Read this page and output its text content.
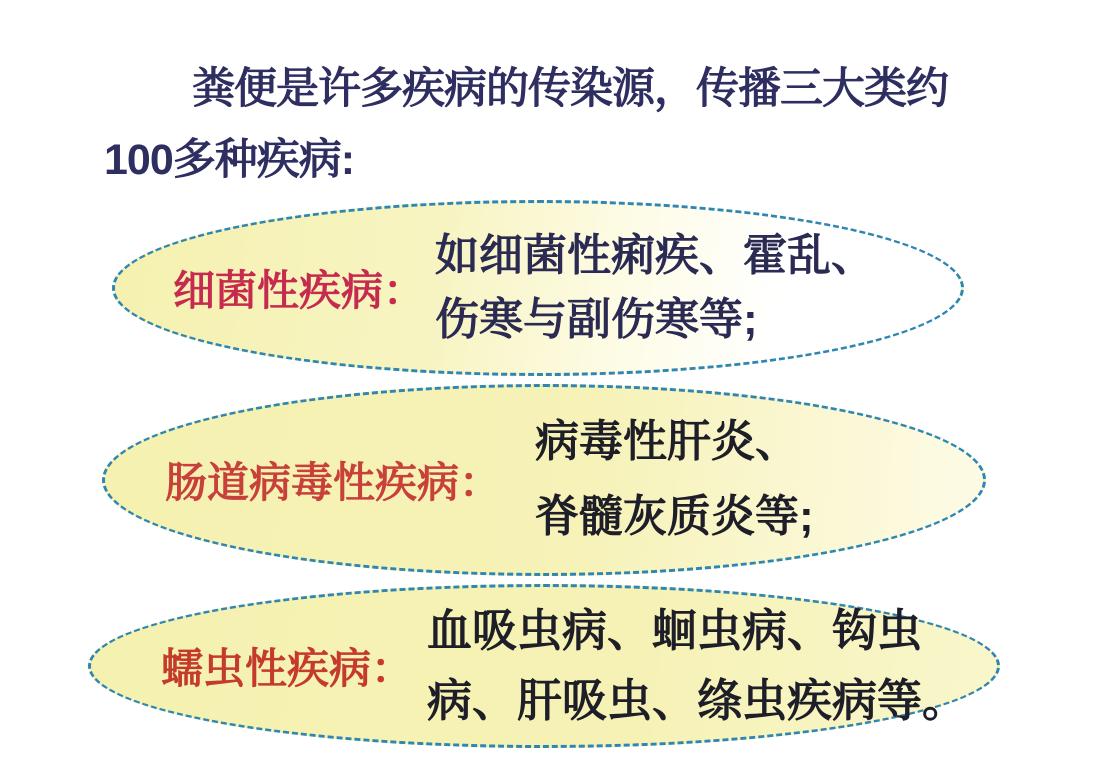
粪便是许多疾病的传染源，传播三大类约
100多种疾病:
细菌性疾病：
如细菌性痢疾、霍乱、
伤寒与副伤寒等;
肠道病毒性疾病：
病毒性肝炎、
脊髓灰质炎等;
蠕虫性疾病：
血吸虫病、蛔虫病、钩虫
病、肝吸虫、绦虫疾病等。
